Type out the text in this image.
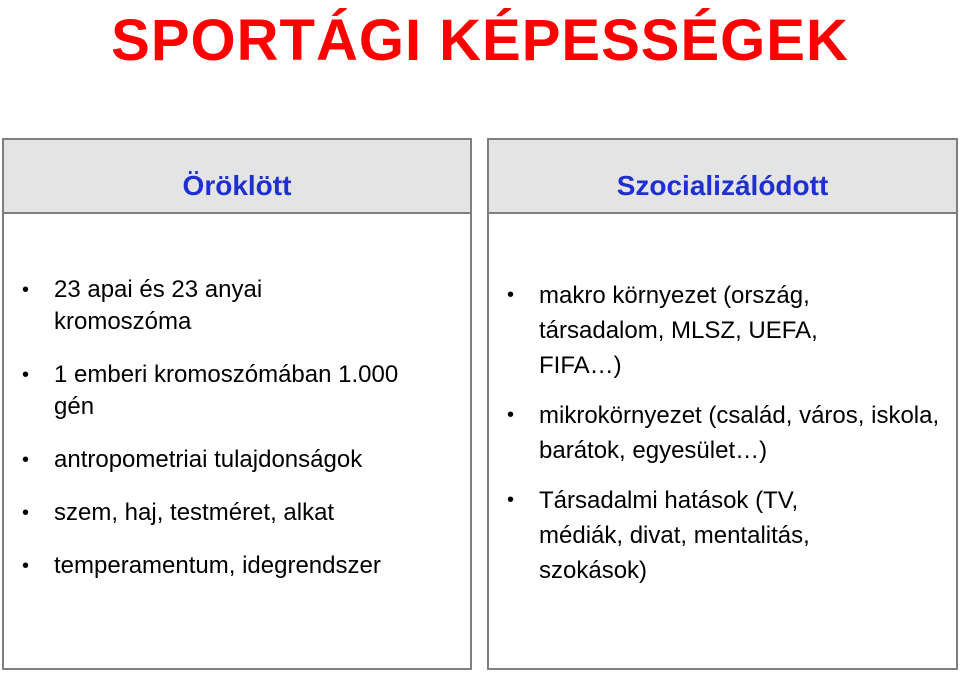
SPORTÁGI KÉPESSÉGEK
Öröklött
• 23 apai és 23 anyai kromoszóma
• 1 emberi kromoszómában 1.000 gén
• antropometriai tulajdonságok
• szem, haj, testméret, alkat
• temperamentum, idegrendszer
Szocializálódott
• makro környezet (ország, társadalom, MLSZ, UEFA, FIFA…)
• mikrokörnyezet (család, város, iskola, barátok, egyesület…)
• Társadalmi hatások (TV, médiák, divat, mentalitás, szokások)
